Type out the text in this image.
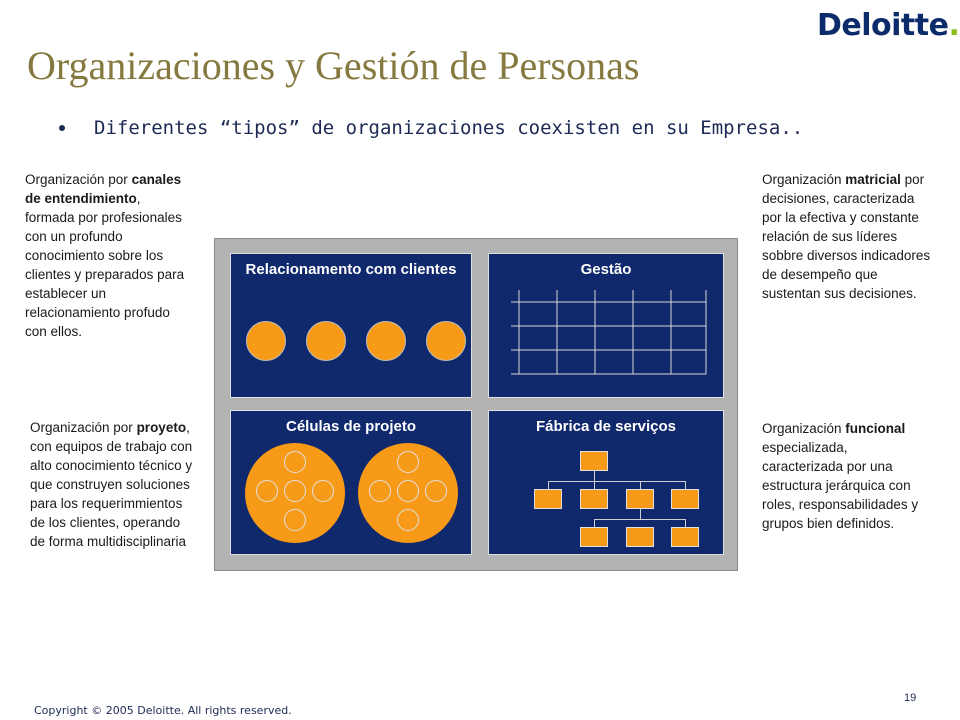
Deloitte.
Organizaciones y Gestión de Personas
Diferentes “tipos” de organizaciones coexisten en su Empresa..
Organización por canales de entendimiento, formada por profesionales con un profundo conocimiento sobre los clientes y preparados para establecer un relacionamiento profudo con ellos.
Organización por proyeto, con equipos de trabajo con alto conocimiento técnico y que construyen soluciones para los requerimmientos de los clientes, operando de forma multidisciplinaria
Organización matricial por decisiones, caracterizada por la efectiva y constante relación de sus líderes sobbre diversos indicadores de desempeño que sustentan sus decisiones.
Organización funcional especializada, caracterizada por una estructura jerárquica con roles, responsabilidades y grupos bien definidos.
Relacionamento com clientes	Gestão
Células de projeto	Fábrica de serviços
Copyright © 2005 Deloitte. All rights reserved.
19
